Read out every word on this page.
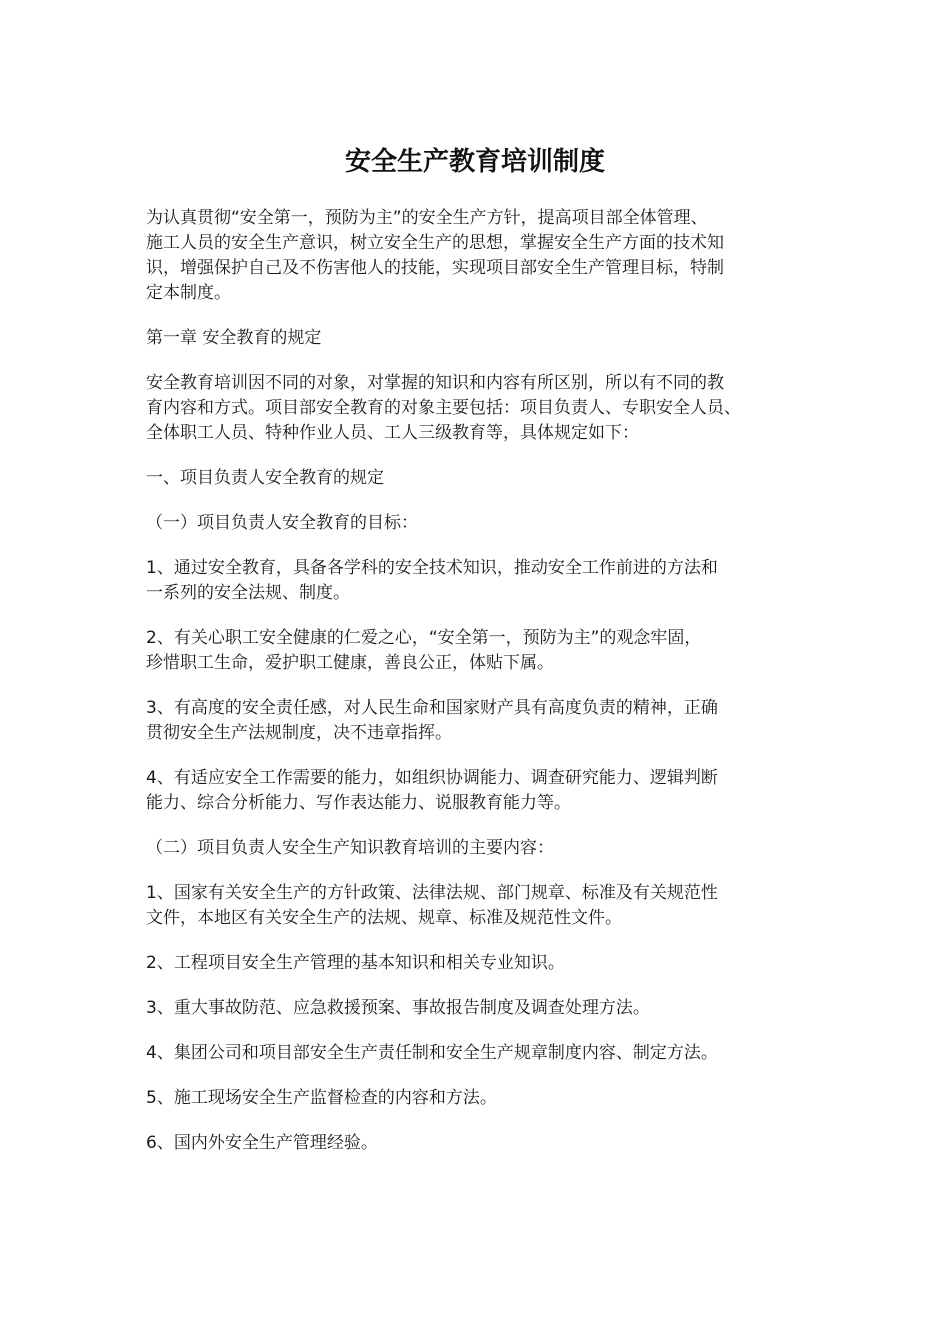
安全生产教育培训制度

为认真贯彻“安全第一，预防为主”的安全生产方针，提高项目部全体管理、
施工人员的安全生产意识，树立安全生产的思想，掌握安全生产方面的技术知
识，增强保护自己及不伤害他人的技能，实现项目部安全生产管理目标，特制
定本制度。

第一章 安全教育的规定

安全教育培训因不同的对象，对掌握的知识和内容有所区别，所以有不同的教
育内容和方式。项目部安全教育的对象主要包括：项目负责人、专职安全人员、
全体职工人员、特种作业人员、工人三级教育等，具体规定如下：

一、项目负责人安全教育的规定

（一）项目负责人安全教育的目标：

1、通过安全教育，具备各学科的安全技术知识，推动安全工作前进的方法和
一系列的安全法规、制度。

2、有关心职工安全健康的仁爱之心，“安全第一，预防为主”的观念牢固，
珍惜职工生命，爱护职工健康，善良公正，体贴下属。

3、有高度的安全责任感，对人民生命和国家财产具有高度负责的精神，正确
贯彻安全生产法规制度，决不违章指挥。

4、有适应安全工作需要的能力，如组织协调能力、调查研究能力、逻辑判断
能力、综合分析能力、写作表达能力、说服教育能力等。

（二）项目负责人安全生产知识教育培训的主要内容：

1、国家有关安全生产的方针政策、法律法规、部门规章、标准及有关规范性
文件，本地区有关安全生产的法规、规章、标准及规范性文件。

2、工程项目安全生产管理的基本知识和相关专业知识。

3、重大事故防范、应急救援预案、事故报告制度及调查处理方法。

4、集团公司和项目部安全生产责任制和安全生产规章制度内容、制定方法。

5、施工现场安全生产监督检查的内容和方法。

6、国内外安全生产管理经验。
